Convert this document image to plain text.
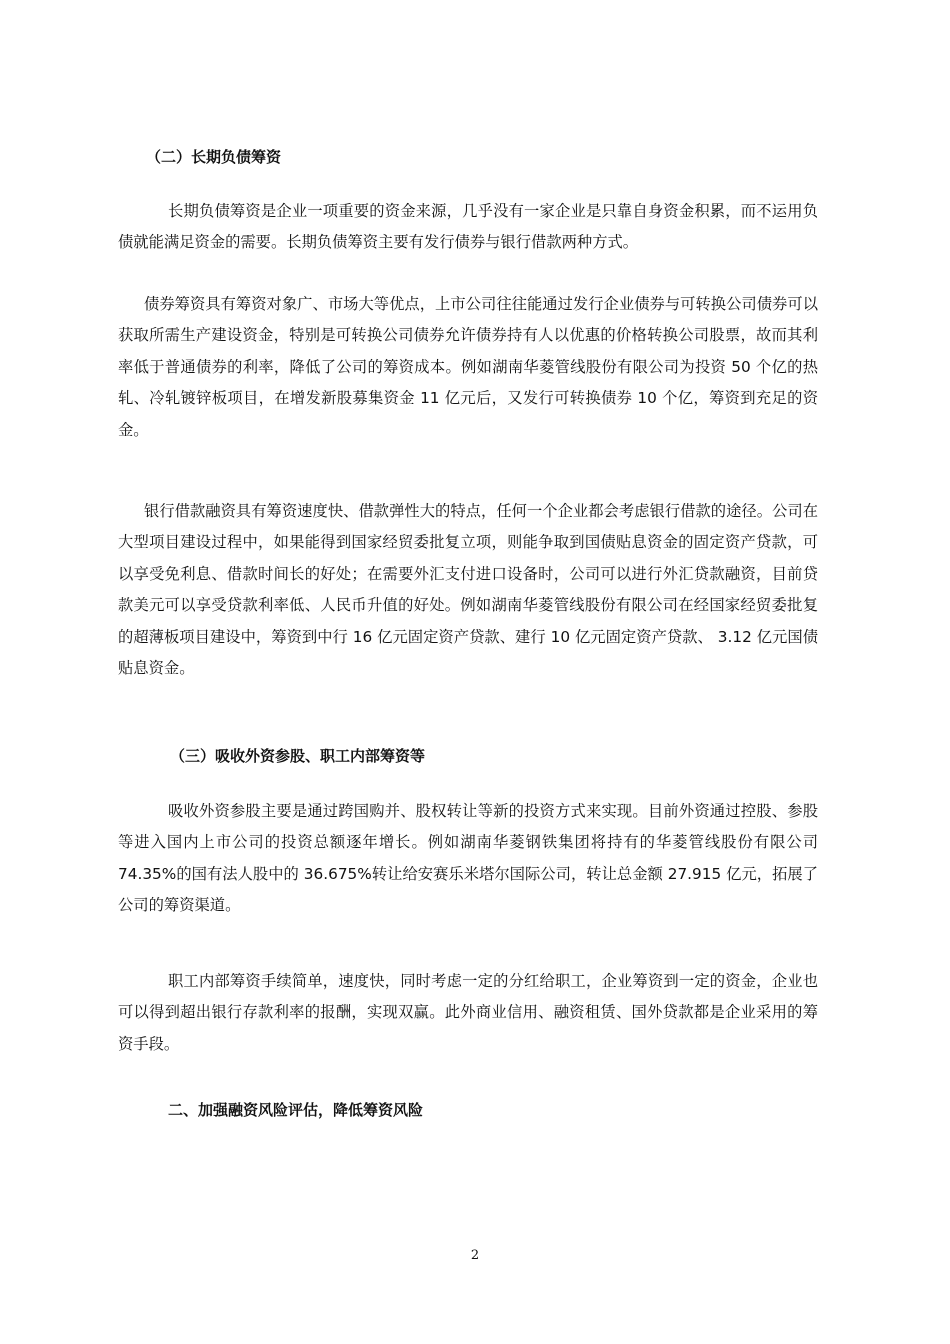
（二）长期负债筹资

长期负债筹资是企业一项重要的资金来源，几乎没有一家企业是只靠自身资金积累，而不运用负债就能满足资金的需要。长期负债筹资主要有发行债券与银行借款两种方式。

债券筹资具有筹资对象广、市场大等优点，上市公司往往能通过发行企业债券与可转换公司债券可以获取所需生产建设资金，特别是可转换公司债券允许债券持有人以优惠的价格转换公司股票，故而其利率低于普通债券的利率，降低了公司的筹资成本。例如湖南华菱管线股份有限公司为投资 50 个亿的热轧、冷轧镀锌板项目，在增发新股募集资金 11 亿元后，又发行可转换债券 10 个亿，筹资到充足的资金。

银行借款融资具有筹资速度快、借款弹性大的特点，任何一个企业都会考虑银行借款的途径。公司在大型项目建设过程中，如果能得到国家经贸委批复立项，则能争取到国债贴息资金的固定资产贷款，可以享受免利息、借款时间长的好处；在需要外汇支付进口设备时，公司可以进行外汇贷款融资，目前贷款美元可以享受贷款利率低、人民币升值的好处。例如湖南华菱管线股份有限公司在经国家经贸委批复的超薄板项目建设中，筹资到中行 16 亿元固定资产贷款、建行 10 亿元固定资产贷款、 3.12 亿元国债贴息资金。

（三）吸收外资参股、职工内部筹资等

吸收外资参股主要是通过跨国购并、股权转让等新的投资方式来实现。目前外资通过控股、参股等进入国内上市公司的投资总额逐年增长。例如湖南华菱钢铁集团将持有的华菱管线股份有限公司 74.35%的国有法人股中的 36.675%转让给安赛乐米塔尔国际公司，转让总金额 27.915 亿元，拓展了公司的筹资渠道。

职工内部筹资手续简单，速度快，同时考虑一定的分红给职工，企业筹资到一定的资金，企业也可以得到超出银行存款利率的报酬，实现双赢。此外商业信用、融资租赁、国外贷款都是企业采用的筹资手段。

二、加强融资风险评估，降低筹资风险
2
